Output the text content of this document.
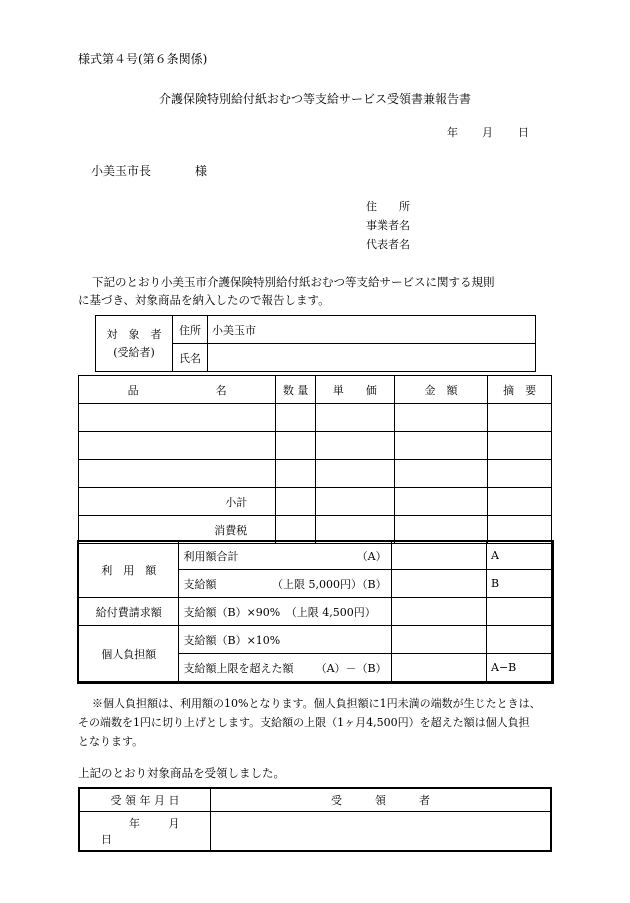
様式第４号(第６条関係)
介護保険特別給付紙おむつ等支給サービス受領書兼報告書
年 月 日
小美玉市長	様
住　　所
事業者名
代表者名
下記のとおり小美玉市介護保険特別給付紙おむつ等支給サービスに関する規則
に基づき、対象商品を納入したので報告します。
対　象　者
(受給者)	住所	小美玉市
	氏名	
品　　　　　　　名	数 量	単　　価	金　額	摘　要

小計				
消費税				
利　用　額	利用額合計 （A）		A
	支給額 （上限 5,000円）（B）		B
給付費請求額	支給額（B）×90%　（上限 4,500円）		
個人負担額	支給額（B）×10%		
	支給額上限を超えた額 （A）－（B）		A−B
※個人負担額は、利用額の10%となります。個人負担額に1円未満の端数が生じたときは、
その端数を1円に切り上げとします。支給額の上限（1ヶ月4,500円）を超えた額は個人負担
となります。
上記のとおり対象商品を受領しました。
受 領 年 月 日	受　　　領　　　者
年 月 日	
